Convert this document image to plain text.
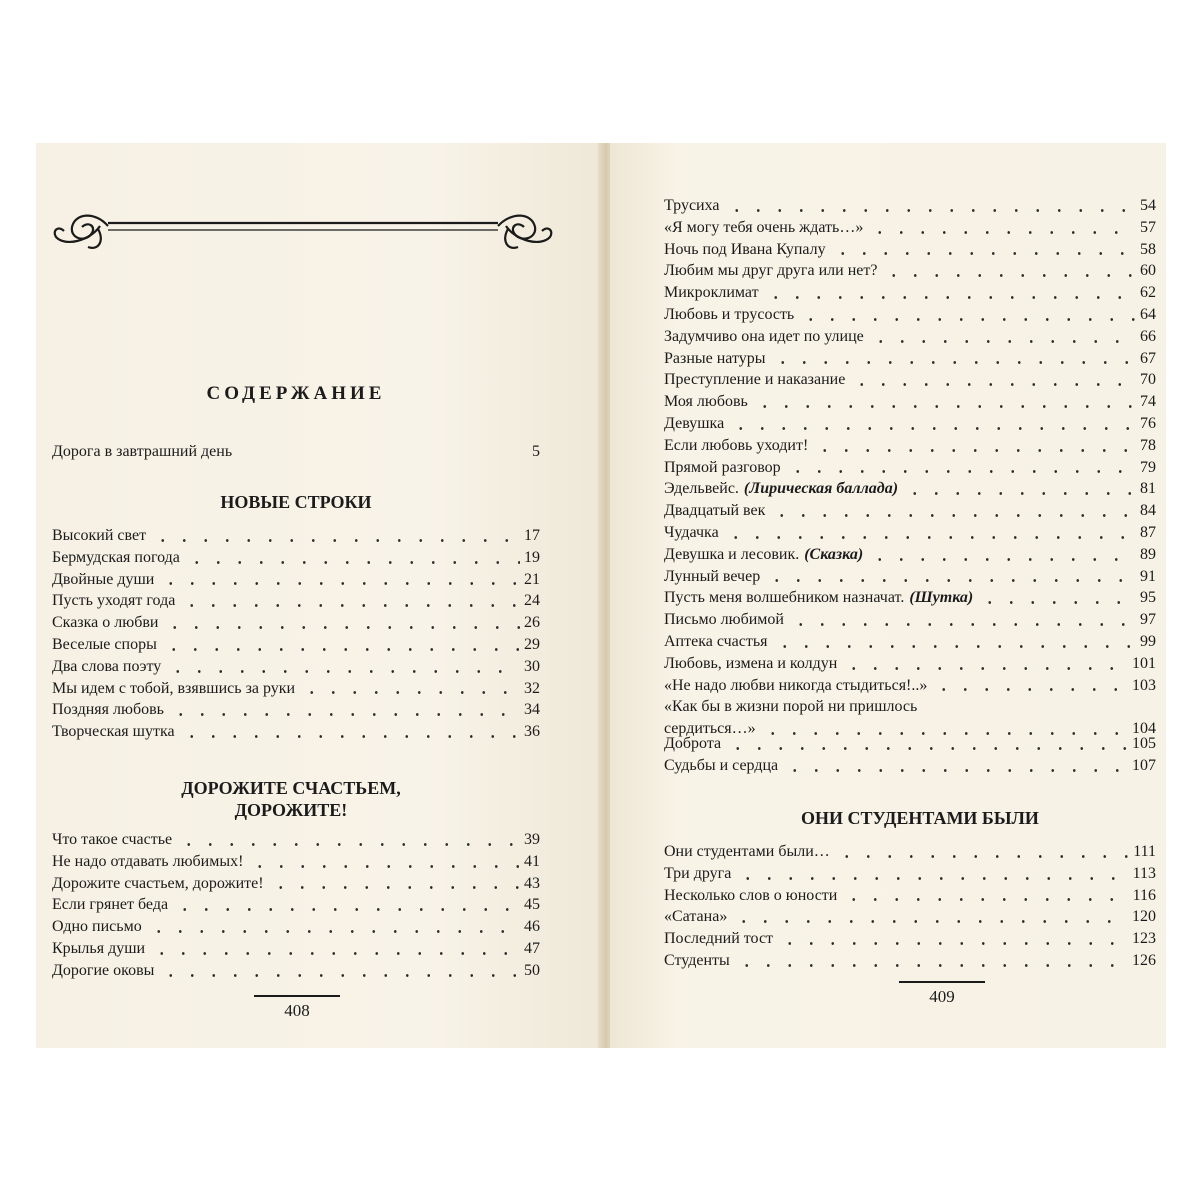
СОДЕРЖАНИЕ
Дорога в завтрашний день	5
НОВЫЕ СТРОКИ
Высокий свет	17
Бермудская погода	19
Двойные души	21
Пусть уходят года	24
Сказка о любви	26
Веселые споры	29
Два слова поэту	30
Мы идем с тобой, взявшись за руки	32
Поздняя любовь	34
Творческая шутка	36
ДОРОЖИТЕ СЧАСТЬЕМ,
ДОРОЖИТЕ!
Что такое счастье	39
Не надо отдавать любимых!	41
Дорожите счастьем, дорожите!	43
Если грянет беда	45
Одно письмо	46
Крылья души	47
Дорогие оковы	50
408
Трусиха	54
«Я могу тебя очень ждать…»	57
Ночь под Ивана Купалу	58
Любим мы друг друга или нет?	60
Микроклимат	62
Любовь и трусость	64
Задумчиво она идет по улице	66
Разные натуры	67
Преступление и наказание	70
Моя любовь	74
Девушка	76
Если любовь уходит!	78
Прямой разговор	79
Эдельвейс. (Лирическая баллада)	81
Двадцатый век	84
Чудачка	87
Девушка и лесовик. (Сказка)	89
Лунный вечер	91
Пусть меня волшебником назначат. (Шутка)	95
Письмо любимой	97
Аптека счастья	99
Любовь, измена и колдун	101
«Не надо любви никогда стыдиться!..»	103
«Как бы в жизни порой ни пришлось
сердиться…»	104
Доброта	105
Судьбы и сердца	107
ОНИ СТУДЕНТАМИ БЫЛИ
Они студентами были…	111
Три друга	113
Несколько слов о юности	116
«Сатана»	120
Последний тост	123
Студенты	126
409
